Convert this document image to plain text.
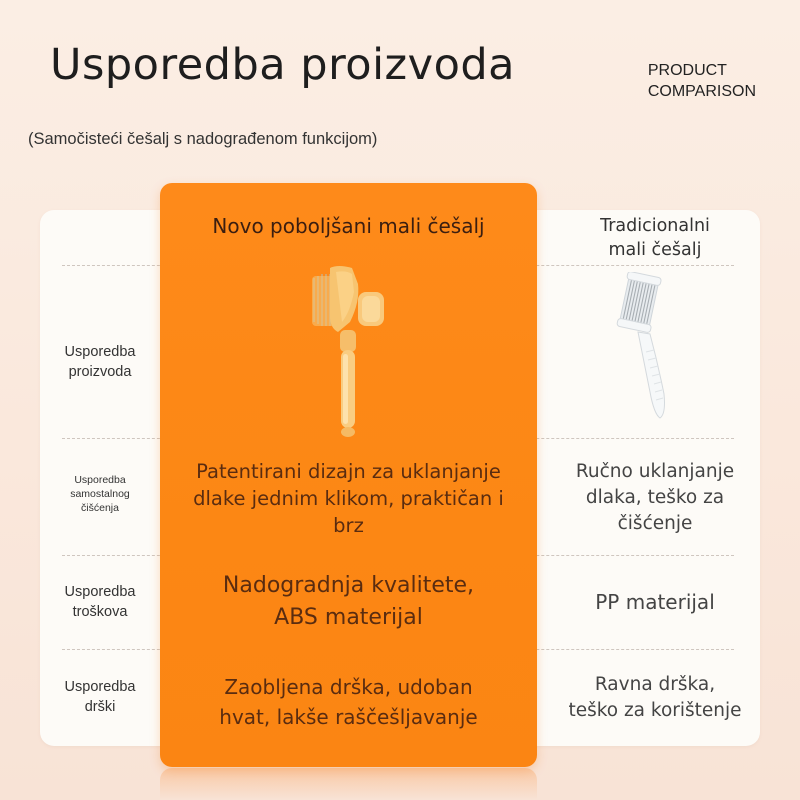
Usporedba proizvoda	PRODUCT
COMPARISON
(Samočisteći češalj s nadograđenom funkcijom)
Novo poboljšani mali češalj	Tradicionalni
mali češalj
Usporedba
proizvoda
Usporedba
samostalnog
čišćenja
Patentirani dizajn za uklanjanje
dlake jednim klikom, praktičan i
brz
Ručno uklanjanje
dlaka, teško za
čišćenje
Usporedba
troškova
Nadogradnja kvalitete,
ABS materijal
PP materijal
Usporedba
drški
Zaobljena drška, udoban
hvat, lakše raščešljavanje
Ravna drška,
teško za korištenje
